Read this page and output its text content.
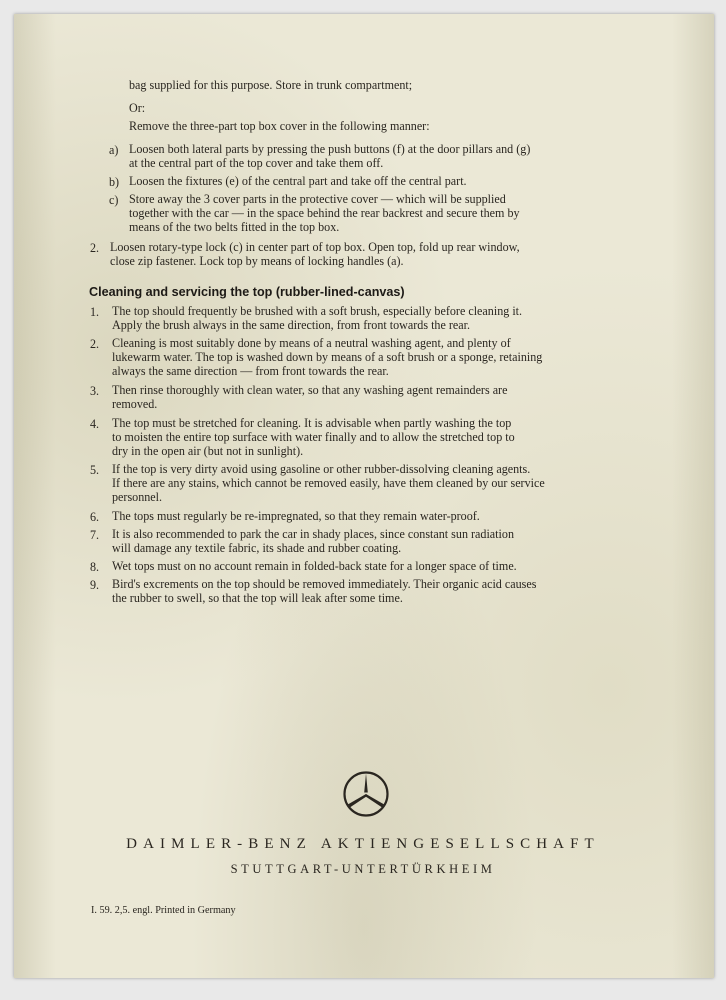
bag supplied for this purpose. Store in trunk compartment;
Or:
Remove the three-part top box cover in the following manner:
a) Loosen both lateral parts by pressing the push buttons (f) at the door pillars and (g)
at the central part of the top cover and take them off.
b) Loosen the fixtures (e) of the central part and take off the central part.
c) Store away the 3 cover parts in the protective cover — which will be supplied
together with the car — in the space behind the rear backrest and secure them by
means of the two belts fitted in the top box.
2. Loosen rotary-type lock (c) in center part of top box. Open top, fold up rear window,
close zip fastener. Lock top by means of locking handles (a).
Cleaning and servicing the top (rubber-lined-canvas)
1. The top should frequently be brushed with a soft brush, especially before cleaning it.
Apply the brush always in the same direction, from front towards the rear.
2. Cleaning is most suitably done by means of a neutral washing agent, and plenty of
lukewarm water. The top is washed down by means of a soft brush or a sponge, retaining
always the same direction — from front towards the rear.
3. Then rinse thoroughly with clean water, so that any washing agent remainders are
removed.
4. The top must be stretched for cleaning. It is advisable when partly washing the top
to moisten the entire top surface with water finally and to allow the stretched top to
dry in the open air (but not in sunlight).
5. If the top is very dirty avoid using gasoline or other rubber-dissolving cleaning agents.
If there are any stains, which cannot be removed easily, have them cleaned by our service
personnel.
6. The tops must regularly be re-impregnated, so that they remain water-proof.
7. It is also recommended to park the car in shady places, since constant sun radiation
will damage any textile fabric, its shade and rubber coating.
8. Wet tops must on no account remain in folded-back state for a longer space of time.
9. Bird's excrements on the top should be removed immediately. Their organic acid causes
the rubber to swell, so that the top will leak after some time.
DAIMLER-BENZ AKTIENGESELLSCHAFT
STUTTGART-UNTERTÜRKHEIM
I. 59. 2,5. engl. Printed in Germany
